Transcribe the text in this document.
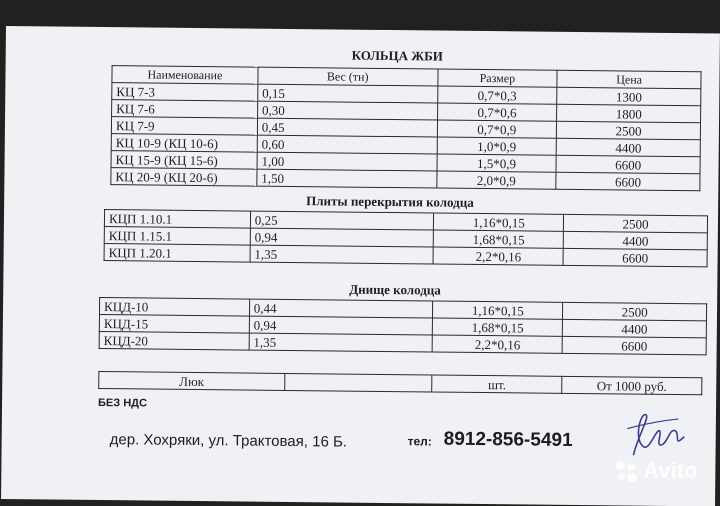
КОЛЬЦА ЖБИ
Наименование	Вес (тн)	Размер	Цена
КЦ 7-3	0,15	0,7*0,3	1300
КЦ 7-6	0,30	0,7*0,6	1800
КЦ 7-9	0,45	0,7*0,9	2500
КЦ 10-9 (КЦ 10-6)	0,60	1,0*0,9	4400
КЦ 15-9 (КЦ 15-6)	1,00	1,5*0,9	6600
КЦ 20-9 (КЦ 20-6)	1,50	2,0*0,9	6600
Плиты перекрытия колодца
КЦП 1.10.1	0,25	1,16*0,15	2500
КЦП 1.15.1	0,94	1,68*0,15	4400
КЦП 1.20.1	1,35	2,2*0,16	6600
Днище колодца
КЦД-10	0,44	1,16*0,15	2500
КЦД-15	0,94	1,68*0,15	4400
КЦД-20	1,35	2,2*0,16	6600
Люк		шт.	От 1000 руб.
БЕЗ НДС
дер. Хохряки, ул. Трактовая, 16 Б.	тел: 8912-856-5491
Avito
